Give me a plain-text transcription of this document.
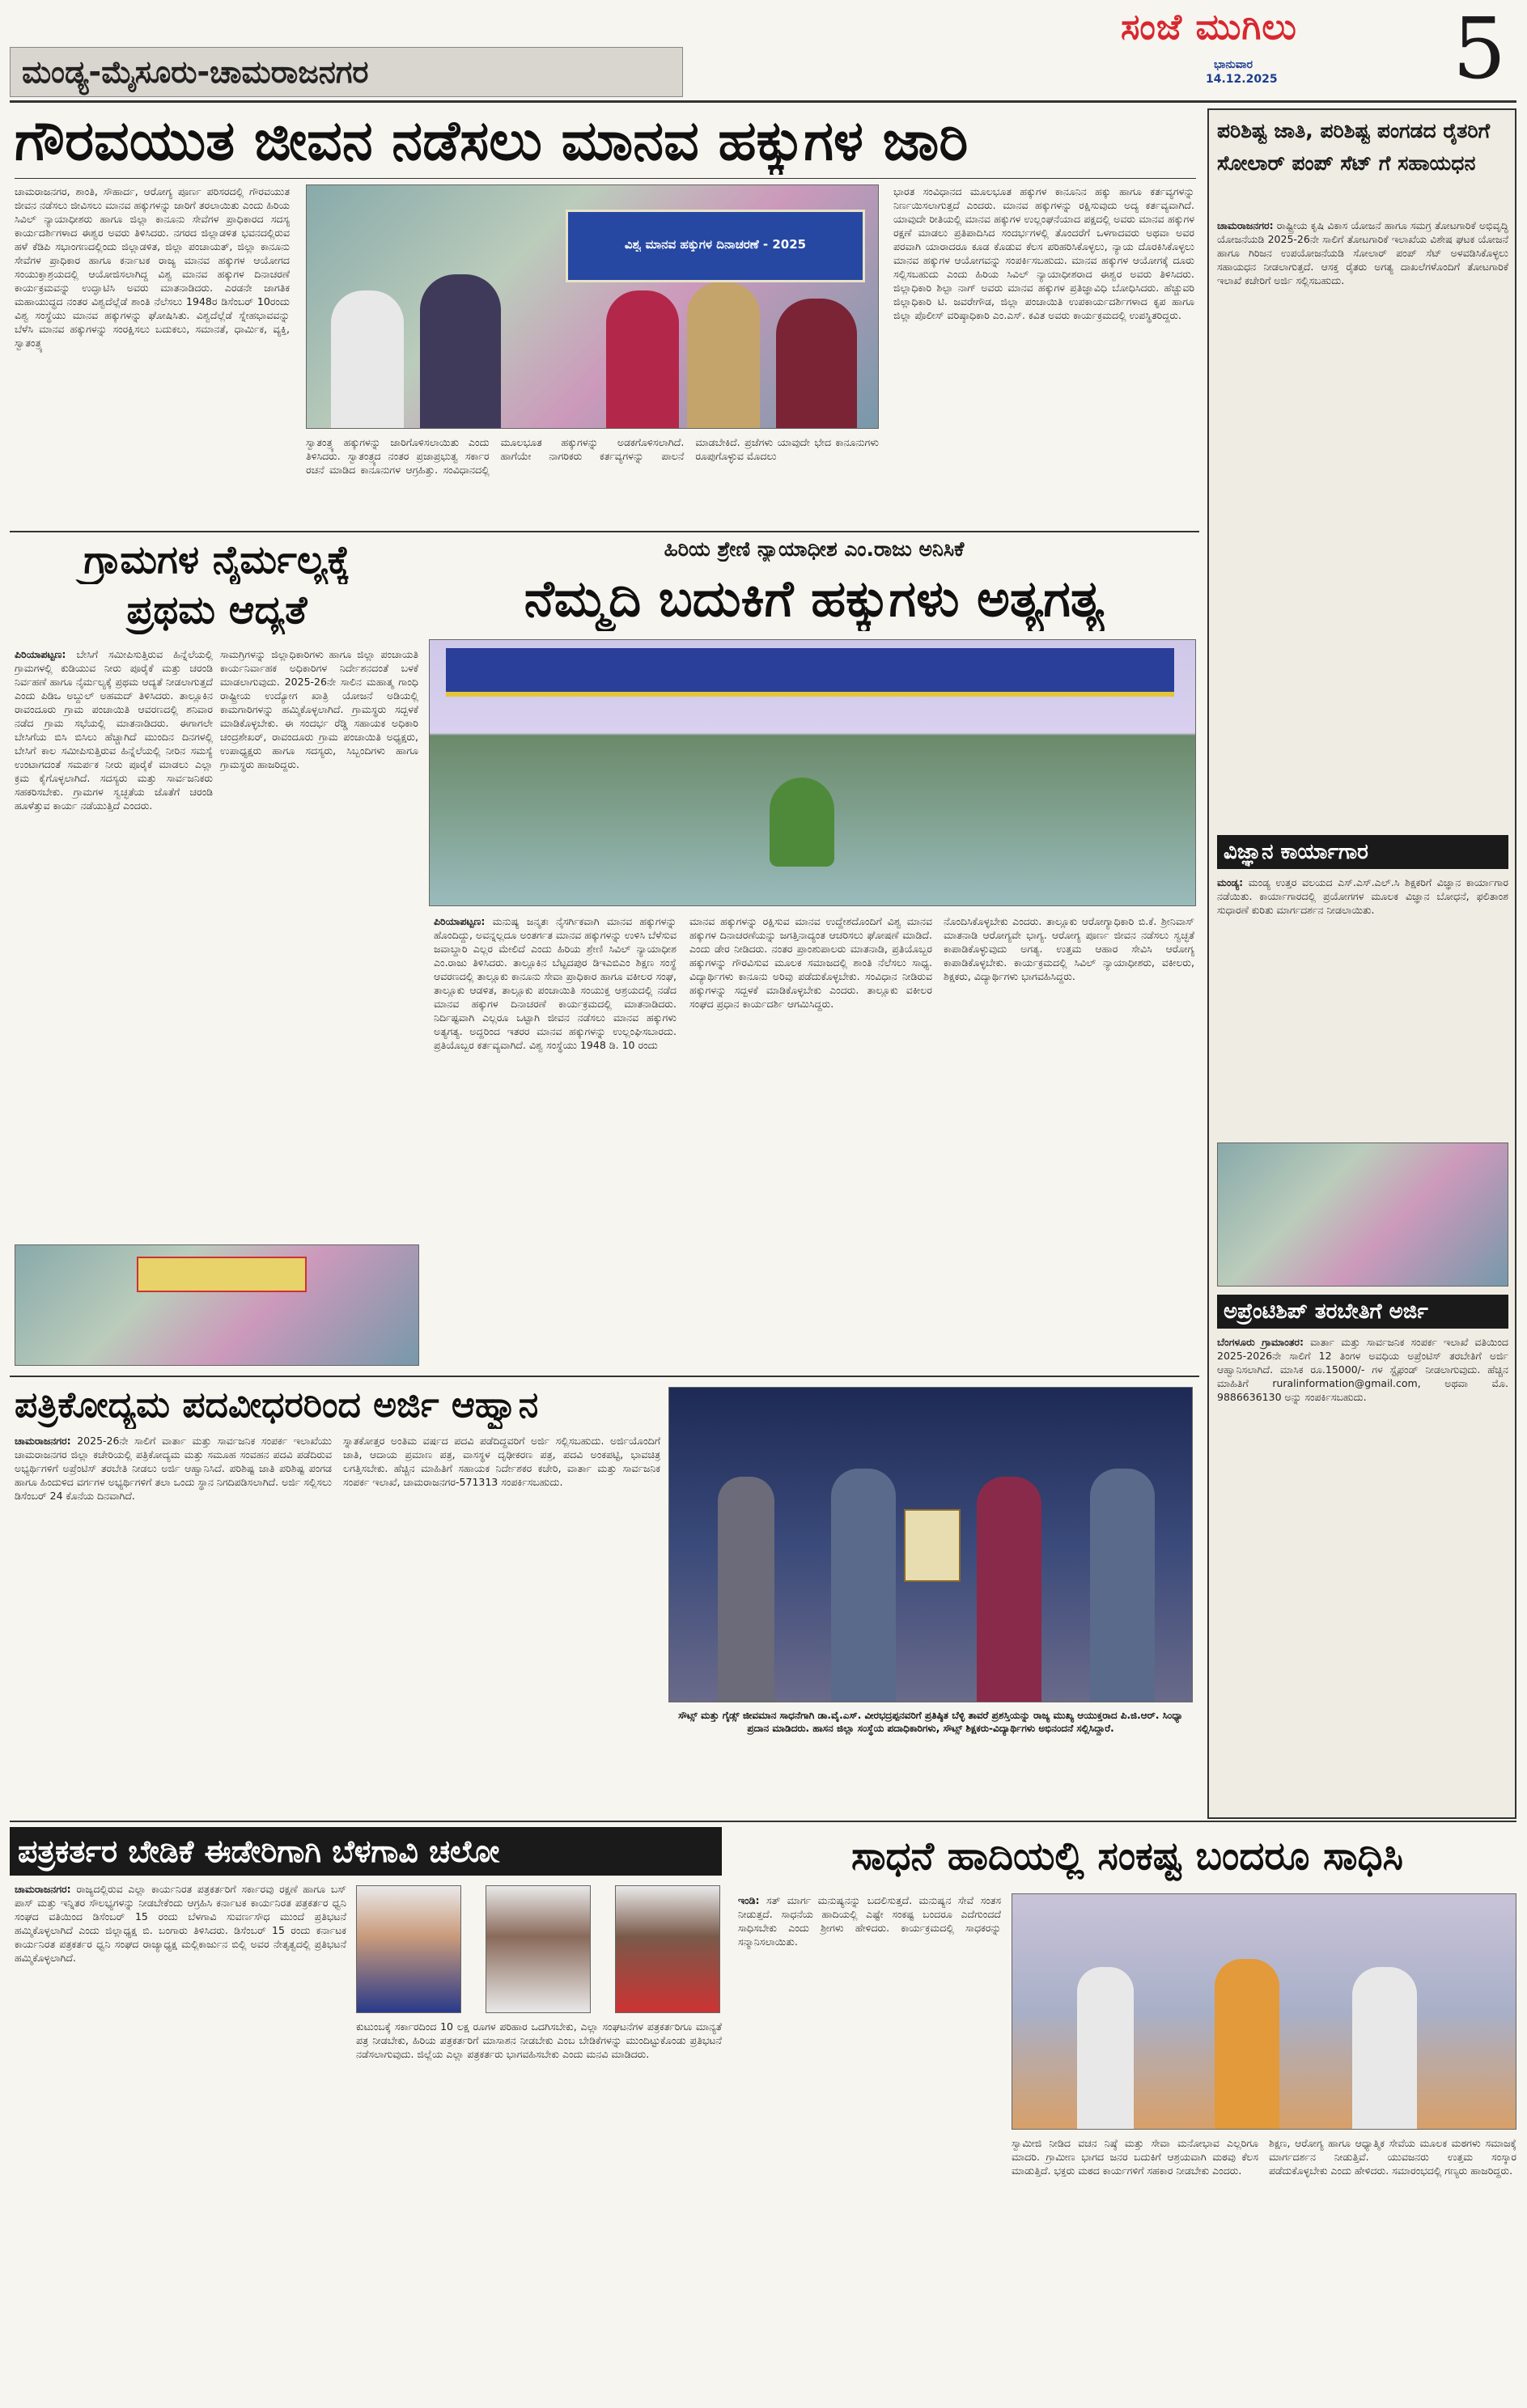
ಮಂಡ್ಯ-ಮೈಸೂರು-ಚಾಮರಾಜನಗರ
ಸಂಜೆ ಮುಗಿಲು
ಭಾನುವಾರ
14.12.2025 5
ಗೌರವಯುತ ಜೀವನ ನಡೆಸಲು ಮಾನವ ಹಕ್ಕುಗಳ ಜಾರಿ
ಚಾಮರಾಜನಗರ, ಶಾಂತಿ, ಸೌಹಾರ್ದ, ಆರೋಗ್ಯ ಪೂರ್ಣ ಪರಿಸರದಲ್ಲಿ ಗೌರವಯುತ ಜೀವನ ನಡೆಸಲು ಜೀವಿಸಲು ಮಾನವ ಹಕ್ಕುಗಳನ್ನು ಜಾರಿಗೆ ತರಲಾಯಿತು ಎಂದು ಹಿರಿಯ ಸಿವಿಲ್ ನ್ಯಾಯಾಧೀಶರು ಹಾಗೂ ಜಿಲ್ಲಾ ಕಾನೂನು ಸೇವೆಗಳ ಪ್ರಾಧಿಕಾರದ ಸದಸ್ಯ ಕಾರ್ಯದರ್ಶಿಗಳಾದ ಈಶ್ವರ ಅವರು ತಿಳಿಸಿದರು. ನಗರದ ಜಿಲ್ಲಾಡಳಿತ ಭವನದಲ್ಲಿರುವ ಹಳೆ ಕೆಡಿಪಿ ಸಭಾಂಗಣದಲ್ಲಿಂದು ಜಿಲ್ಲಾಡಳಿತ, ಜಿಲ್ಲಾ ಪಂಚಾಯತ್, ಜಿಲ್ಲಾ ಕಾನೂನು ಸೇವೆಗಳ ಪ್ರಾಧಿಕಾರ ಹಾಗೂ ಕರ್ನಾಟಕ ರಾಜ್ಯ ಮಾನವ ಹಕ್ಕುಗಳ ಆಯೋಗದ ಸಂಯುಕ್ತಾಶ್ರಯದಲ್ಲಿ ಆಯೋಜಿಸಲಾಗಿದ್ದ ವಿಶ್ವ ಮಾನವ ಹಕ್ಕುಗಳ ದಿನಾಚರಣೆ ಕಾರ್ಯಕ್ರಮವನ್ನು ಉದ್ಘಾಟಿಸಿ ಅವರು ಮಾತನಾಡಿದರು. ಎರಡನೇ ಜಾಗತಿಕ ಮಹಾಯುದ್ಧದ ನಂತರ ವಿಶ್ವದೆಲ್ಲೆಡೆ ಶಾಂತಿ ನೆಲೆಸಲು 1948ರ ಡಿಸೆಂಬರ್ 10ರಂದು ವಿಶ್ವ ಸಂಸ್ಥೆಯು ಮಾನವ ಹಕ್ಕುಗಳನ್ನು ಘೋಷಿಸಿತು. ವಿಶ್ವದೆಲ್ಲೆಡೆ ಸ್ನೇಹಭಾವವನ್ನು ಬೆಳೆಸಿ ಮಾನವ ಹಕ್ಕುಗಳನ್ನು ಸಂರಕ್ಷಿಸಲು ಬದುಕಲು, ಸಮಾನತೆ, ಧಾರ್ಮಿಕ, ವ್ಯಕ್ತಿ, ಸ್ವಾತಂತ್ರ್ಯ
ವಿಶ್ವ ಮಾನವ ಹಕ್ಕುಗಳ ದಿನಾಚರಣೆ - 2025
ಸ್ವಾತಂತ್ರ್ಯ ಹಕ್ಕುಗಳನ್ನು ಜಾರಿಗೊಳಿಸಲಾಯಿತು ಎಂದು ತಿಳಿಸಿದರು. ಸ್ವಾತಂತ್ರ್ಯದ ನಂತರ ಪ್ರಜಾಪ್ರಭುತ್ವ ಸರ್ಕಾರ ರಚನೆ ಮಾಡಿದ ಕಾನೂನುಗಳ ಆಗ್ರಹಿತ್ತು. ಸಂವಿಧಾನದಲ್ಲಿ ಮೂಲಭೂತ ಹಕ್ಕುಗಳನ್ನು ಅಡಕಗೊಳಿಸಲಾಗಿದೆ. ಹಾಗೆಯೇ ನಾಗರಿಕರು ಕರ್ತವ್ಯಗಳನ್ನು ಪಾಲನೆ ಮಾಡಬೇಕಿದೆ. ಪ್ರಜೆಗಳು ಯಾವುದೇ ಭೇದ ಕಾನೂನುಗಳು ರೂಪುಗೊಳ್ಳುವ ಮೊದಲು
ಭಾರತ ಸಂವಿಧಾನದ ಮೂಲಭೂತ ಹಕ್ಕುಗಳ ಕಾನೂನಿನ ಹಕ್ಕು ಹಾಗೂ ಕರ್ತವ್ಯಗಳನ್ನು ನಿರ್ಣಯಿಸಲಾಗುತ್ತದೆ ಎಂದರು. ಮಾನವ ಹಕ್ಕುಗಳನ್ನು ರಕ್ಷಿಸುವುದು ಅದ್ಯ ಕರ್ತವ್ಯವಾಗಿದೆ. ಯಾವುದೇ ರೀತಿಯಲ್ಲಿ ಮಾನವ ಹಕ್ಕುಗಳ ಉಲ್ಲಂಘನೆಯಾದ ಪಕ್ಷದಲ್ಲಿ ಅವರು ಮಾನವ ಹಕ್ಕುಗಳ ರಕ್ಷಣೆ ಮಾಡಲು ಪ್ರತಿಪಾದಿಸಿದ ಸಂದರ್ಭಗಳಲ್ಲಿ ತೊಂದರೆಗೆ ಒಳಗಾದವರು ಅಥವಾ ಅವರ ಪರವಾಗಿ ಯಾರಾದರೂ ಕೂಡ ಕೊಡುವ ಕೆಲಸ ಪರಿಹರಿಸಿಕೊಳ್ಳಲು, ನ್ಯಾಯ ದೊರಕಿಸಿಕೊಳ್ಳಲು ಮಾನವ ಹಕ್ಕುಗಳ ಆಯೋಗವನ್ನು ಸಂಪರ್ಕಿಸಬಹುದು. ಮಾನವ ಹಕ್ಕುಗಳ ಆಯೋಗಕ್ಕೆ ದೂರು ಸಲ್ಲಿಸಬಹುದು ಎಂದು ಹಿರಿಯ ಸಿವಿಲ್ ನ್ಯಾಯಾಧೀಶರಾದ ಈಶ್ವರ ಅವರು ತಿಳಿಸಿದರು. ಜಿಲ್ಲಾಧಿಕಾರಿ ಶಿಲ್ಪಾ ನಾಗ್ ಅವರು ಮಾನವ ಹಕ್ಕುಗಳ ಪ್ರತಿಜ್ಞಾವಿಧಿ ಬೋಧಿಸಿದರು. ಹೆಚ್ಚುವರಿ ಜಿಲ್ಲಾಧಿಕಾರಿ ಟಿ. ಜವರೇಗೌಡ, ಜಿಲ್ಲಾ ಪಂಚಾಯಿತಿ ಉಪಕಾರ್ಯದರ್ಶಿಗಳಾದ ಕೃಪ ಹಾಗೂ ಜಿಲ್ಲಾ ಪೊಲೀಸ್ ವರಿಷ್ಠಾಧಿಕಾರಿ ಎಂ.ಎಸ್. ಕವಿತ ಅವರು ಕಾರ್ಯಕ್ರಮದಲ್ಲಿ ಉಪಸ್ಥಿತರಿದ್ದರು.
ಪರಿಶಿಷ್ಟ ಜಾತಿ, ಪರಿಶಿಷ್ಟ ಪಂಗಡದ ರೈತರಿಗೆ ಸೋಲಾರ್ ಪಂಪ್ ಸೆಟ್ ಗೆ ಸಹಾಯಧನ
ಚಾಮರಾಜನಗರ: ರಾಷ್ಟ್ರೀಯ ಕೃಷಿ ವಿಕಾಸ ಯೋಜನೆ ಹಾಗೂ ಸಮಗ್ರ ತೋಟಗಾರಿಕೆ ಅಭಿವೃದ್ಧಿ ಯೋಜನೆಯಡಿ 2025-26ನೇ ಸಾಲಿಗೆ ತೋಟಗಾರಿಕೆ ಇಲಾಖೆಯ ವಿಶೇಷ ಘಟಕ ಯೋಜನೆ ಹಾಗೂ ಗಿರಿಜನ ಉಪಯೋಜನೆಯಡಿ ಸೋಲಾರ್ ಪಂಪ್ ಸೆಟ್ ಅಳವಡಿಸಿಕೊಳ್ಳಲು ಸಹಾಯಧನ ನೀಡಲಾಗುತ್ತದೆ. ಆಸಕ್ತ ರೈತರು ಅಗತ್ಯ ದಾಖಲೆಗಳೊಂದಿಗೆ ತೋಟಗಾರಿಕೆ ಇಲಾಖೆ ಕಚೇರಿಗೆ ಅರ್ಜಿ ಸಲ್ಲಿಸಬಹುದು.
ವಿಜ್ಞಾನ ಕಾರ್ಯಾಗಾರ
ಮಂಡ್ಯ: ಮಂಡ್ಯ ಉತ್ತರ ವಲಯದ ಎಸ್.ಎಸ್.ಎಲ್.ಸಿ ಶಿಕ್ಷಕರಿಗೆ ವಿಜ್ಞಾನ ಕಾರ್ಯಾಗಾರ ನಡೆಯಿತು. ಕಾರ್ಯಾಗಾರದಲ್ಲಿ ಪ್ರಯೋಗಗಳ ಮೂಲಕ ವಿಜ್ಞಾನ ಬೋಧನೆ, ಫಲಿತಾಂಶ ಸುಧಾರಣೆ ಕುರಿತು ಮಾರ್ಗದರ್ಶನ ನೀಡಲಾಯಿತು.
ಅಪ್ರೆಂಟಿಶಿಪ್ ತರಬೇತಿಗೆ ಅರ್ಜಿ
ಬೆಂಗಳೂರು ಗ್ರಾಮಾಂತರ: ವಾರ್ತಾ ಮತ್ತು ಸಾರ್ವಜನಿಕ ಸಂಪರ್ಕ ಇಲಾಖೆ ವತಿಯಿಂದ 2025-2026ನೇ ಸಾಲಿಗೆ 12 ತಿಂಗಳ ಅವಧಿಯ ಅಪ್ರೆಂಟಿಸ್ ತರಬೇತಿಗೆ ಅರ್ಜಿ ಆಹ್ವಾನಿಸಲಾಗಿದೆ. ಮಾಸಿಕ ರೂ.15000/- ಗಳ ಸ್ಟೈಫಂಡ್ ನೀಡಲಾಗುವುದು. ಹೆಚ್ಚಿನ ಮಾಹಿತಿಗೆ ruralinformation@gmail.com, ಅಥವಾ ಮೊ. 9886636130 ಅನ್ನು ಸಂಪರ್ಕಿಸಬಹುದು.
ಗ್ರಾಮಗಳ ನೈರ್ಮಲ್ಯಕ್ಕೆ
ಪ್ರಥಮ ಆದ್ಯತೆ
ಪಿರಿಯಾಪಟ್ಟಣ: ಬೇಸಿಗೆ ಸಮೀಪಿಸುತ್ತಿರುವ ಹಿನ್ನೆಲೆಯಲ್ಲಿ ಗ್ರಾಮಗಳಲ್ಲಿ ಕುಡಿಯುವ ನೀರು ಪೂರೈಕೆ ಮತ್ತು ಚರಂಡಿ ನಿರ್ವಹಣೆ ಹಾಗೂ ನೈರ್ಮಲ್ಯಕ್ಕೆ ಪ್ರಥಮ ಆದ್ಯತೆ ನೀಡಲಾಗುತ್ತದೆ ಎಂದು ಪಿಡಿಒ ಅಬ್ದುಲ್ ಅಹಮದ್ ತಿಳಿಸಿದರು. ತಾಲ್ಲೂಕಿನ ರಾವಂದೂರು ಗ್ರಾಮ ಪಂಚಾಯಿತಿ ಆವರಣದಲ್ಲಿ ಶನಿವಾರ ನಡೆದ ಗ್ರಾಮ ಸಭೆಯಲ್ಲಿ ಮಾತನಾಡಿದರು. ಈಗಾಗಲೇ ಬೇಸಿಗೆಯ ಬಿಸಿ ಬಿಸಿಲು ಹೆಚ್ಚಾಗಿದೆ ಮುಂದಿನ ದಿನಗಳಲ್ಲಿ ಬೇಸಿಗೆ ಕಾಲ ಸಮೀಪಿಸುತ್ತಿರುವ ಹಿನ್ನೆಲೆಯಲ್ಲಿ ನೀರಿನ ಸಮಸ್ಯೆ ಉಂಟಾಗದಂತೆ ಸಮರ್ಪಕ ನೀರು ಪೂರೈಕೆ ಮಾಡಲು ಎಲ್ಲಾ ಕ್ರಮ ಕೈಗೊಳ್ಳಲಾಗಿದೆ. ಸದಸ್ಯರು ಮತ್ತು ಸಾರ್ವಜನಿಕರು ಸಹಕರಿಸಬೇಕು. ಗ್ರಾಮಗಳ ಸ್ವಚ್ಛತೆಯ ಜೊತೆಗೆ ಚರಂಡಿ ಹೂಳೆತ್ತುವ ಕಾರ್ಯ ನಡೆಯುತ್ತಿದೆ ಎಂದರು.
ಸಾಮಗ್ರಿಗಳನ್ನು ಜಿಲ್ಲಾಧಿಕಾರಿಗಳು ಹಾಗೂ ಜಿಲ್ಲಾ ಪಂಚಾಯತಿ ಕಾರ್ಯನಿರ್ವಾಹಕ ಅಧಿಕಾರಿಗಳ ನಿರ್ದೇಶನದಂತೆ ಬಳಕೆ ಮಾಡಲಾಗುವುದು. 2025-26ನೇ ಸಾಲಿನ ಮಹಾತ್ಮ ಗಾಂಧಿ ರಾಷ್ಟ್ರೀಯ ಉದ್ಯೋಗ ಖಾತ್ರಿ ಯೋಜನೆ ಅಡಿಯಲ್ಲಿ ಕಾಮಗಾರಿಗಳನ್ನು ಹಮ್ಮಿಕೊಳ್ಳಲಾಗಿದೆ. ಗ್ರಾಮಸ್ಥರು ಸದ್ಬಳಕೆ ಮಾಡಿಕೊಳ್ಳಬೇಕು. ಈ ಸಂದರ್ಭ ರೆಡ್ಡಿ ಸಹಾಯಕ ಅಧಿಕಾರಿ ಚಂದ್ರಶೇಖರ್, ರಾವಂದೂರು ಗ್ರಾಮ ಪಂಚಾಯಿತಿ ಅಧ್ಯಕ್ಷರು, ಉಪಾಧ್ಯಕ್ಷರು ಹಾಗೂ ಸದಸ್ಯರು, ಸಿಬ್ಬಂದಿಗಳು ಹಾಗೂ ಗ್ರಾಮಸ್ಥರು ಹಾಜರಿದ್ದರು.
ಹಿರಿಯ ಶ್ರೇಣಿ ನ್ಯಾಯಾಧೀಶ ಎಂ.ರಾಜು ಅನಿಸಿಕೆ
ನೆಮ್ಮದಿ ಬದುಕಿಗೆ ಹಕ್ಕುಗಳು ಅತ್ಯಗತ್ಯ
ಪಿರಿಯಾಪಟ್ಟಣ: ಮನುಷ್ಯ ಜನ್ಮತಃ ನೈಸರ್ಗಿಕವಾಗಿ ಮಾನವ ಹಕ್ಕುಗಳನ್ನು ಹೊಂದಿದ್ದು, ಅವನ್ನಲ್ಲದೂ ಅಂತರ್ಗತ ಮಾನವ ಹಕ್ಕುಗಳನ್ನು ಉಳಿಸಿ ಬೆಳೆಸುವ ಜವಾಬ್ದಾರಿ ಎಲ್ಲರ ಮೇಲಿದೆ ಎಂದು ಹಿರಿಯ ಶ್ರೇಣಿ ಸಿವಿಲ್ ನ್ಯಾಯಾಧೀಶ ಎಂ.ರಾಜು ತಿಳಿಸಿದರು. ತಾಲ್ಲೂಕಿನ ಬೆಟ್ಟದಪುರ ಡಿಇಎಬಿಎಂ ಶಿಕ್ಷಣ ಸಂಸ್ಥೆ ಆವರಣದಲ್ಲಿ ತಾಲ್ಲೂಕು ಕಾನೂನು ಸೇವಾ ಪ್ರಾಧಿಕಾರ ಹಾಗೂ ವಕೀಲರ ಸಂಘ, ತಾಲ್ಲೂಕು ಆಡಳಿತ, ತಾಲ್ಲೂಕು ಪಂಚಾಯಿತಿ ಸಂಯುಕ್ತ ಆಶ್ರಯದಲ್ಲಿ ನಡೆದ ಮಾನವ ಹಕ್ಕುಗಳ ದಿನಾಚರಣೆ ಕಾರ್ಯಕ್ರಮದಲ್ಲಿ ಮಾತನಾಡಿದರು. ನಿರ್ದಿಷ್ಟವಾಗಿ ಎಲ್ಲರೂ ಒಟ್ಟಾಗಿ ಜೀವನ ನಡೆಸಲು ಮಾನವ ಹಕ್ಕುಗಳು ಅತ್ಯಗತ್ಯ. ಅದ್ದರಿಂದ ಇತರರ ಮಾನವ ಹಕ್ಕುಗಳನ್ನು ಉಲ್ಲಂಘಿಸಬಾರದು. ಪ್ರತಿಯೊಬ್ಬರ ಕರ್ತವ್ಯವಾಗಿದೆ. ವಿಶ್ವ ಸಂಸ್ಥೆಯು 1948 ಡಿ. 10 ರಂದು
ಮಾನವ ಹಕ್ಕುಗಳನ್ನು ರಕ್ಷಿಸುವ ಮಾನವ ಉದ್ದೇಶದೊಂದಿಗೆ ವಿಶ್ವ ಮಾನವ ಹಕ್ಕುಗಳ ದಿನಾಚರಣೆಯನ್ನು ಜಗತ್ತಿನಾದ್ಯಂತ ಆಚರಿಸಲು ಘೋಷಣೆ ಮಾಡಿದೆ. ಎಂದು ಡೇರ ನೀಡಿದರು. ನಂತರ ಪ್ರಾಂಶುಪಾಲರು ಮಾತನಾಡಿ, ಪ್ರತಿಯೊಬ್ಬರ ಹಕ್ಕುಗಳನ್ನು ಗೌರವಿಸುವ ಮೂಲಕ ಸಮಾಜದಲ್ಲಿ ಶಾಂತಿ ನೆಲೆಸಲು ಸಾಧ್ಯ. ವಿದ್ಯಾರ್ಥಿಗಳು ಕಾನೂನು ಅರಿವು ಪಡೆದುಕೊಳ್ಳಬೇಕು. ಸಂವಿಧಾನ ನೀಡಿರುವ ಹಕ್ಕುಗಳನ್ನು ಸದ್ಬಳಕೆ ಮಾಡಿಕೊಳ್ಳಬೇಕು ಎಂದರು. ತಾಲ್ಲೂಕು ವಕೀಲರ ಸಂಘದ ಪ್ರಧಾನ ಕಾರ್ಯದರ್ಶಿ ಆಗಮಿಸಿದ್ದರು.
ನೊಂದಿಸಿಕೊಳ್ಳಬೇಕು ಎಂದರು. ತಾಲ್ಲೂಕು ಆರೋಗ್ಯಾಧಿಕಾರಿ ಬಿ.ಕೆ. ಶ್ರೀನಿವಾಸ್ ಮಾತನಾಡಿ ಆರೋಗ್ಯವೇ ಭಾಗ್ಯ. ಆರೋಗ್ಯ ಪೂರ್ಣ ಜೀವನ ನಡೆಸಲು ಸ್ವಚ್ಛತೆ ಕಾಪಾಡಿಕೊಳ್ಳುವುದು ಅಗತ್ಯ. ಉತ್ತಮ ಆಹಾರ ಸೇವಿಸಿ ಆರೋಗ್ಯ ಕಾಪಾಡಿಕೊಳ್ಳಬೇಕು. ಕಾರ್ಯಕ್ರಮದಲ್ಲಿ ಸಿವಿಲ್ ನ್ಯಾಯಾಧೀಶರು, ವಕೀಲರು, ಶಿಕ್ಷಕರು, ವಿದ್ಯಾರ್ಥಿಗಳು ಭಾಗವಹಿಸಿದ್ದರು.
ಪತ್ರಿಕೋದ್ಯಮ ಪದವೀಧರರಿಂದ ಅರ್ಜಿ ಆಹ್ವಾನ
ಚಾಮರಾಜನಗರ: 2025-26ನೇ ಸಾಲಿಗೆ ವಾರ್ತಾ ಮತ್ತು ಸಾರ್ವಜನಿಕ ಸಂಪರ್ಕ ಇಲಾಖೆಯು ಚಾಮರಾಜನಗರ ಜಿಲ್ಲಾ ಕಚೇರಿಯಲ್ಲಿ ಪತ್ರಿಕೋದ್ಯಮ ಮತ್ತು ಸಮೂಹ ಸಂವಹನ ಪದವಿ ಪಡೆದಿರುವ ಅಭ್ಯರ್ಥಿಗಳಿಗೆ ಅಪ್ರೆಂಟಿಸ್ ತರಬೇತಿ ನೀಡಲು ಅರ್ಜಿ ಆಹ್ವಾನಿಸಿದೆ. ಪರಿಶಿಷ್ಟ ಜಾತಿ ಪರಿಶಿಷ್ಟ ಪಂಗಡ ಹಾಗೂ ಹಿಂದುಳಿದ ವರ್ಗಗಳ ಅಭ್ಯರ್ಥಿಗಳಿಗೆ ತಲಾ ಒಂದು ಸ್ಥಾನ ನಿಗದಿಪಡಿಸಲಾಗಿದೆ. ಅರ್ಜಿ ಸಲ್ಲಿಸಲು ಡಿಸೆಂಬರ್ 24 ಕೊನೆಯ ದಿನವಾಗಿದೆ.
ಸ್ನಾತಕೋತ್ತರ ಅಂತಿಮ ವರ್ಷದ ಪದವಿ ಪಡೆದಿದ್ದವರಿಗೆ ಅರ್ಜಿ ಸಲ್ಲಿಸಬಹುದು. ಅರ್ಜಿಯೊಂದಿಗೆ ಜಾತಿ, ಆದಾಯ ಪ್ರಮಾಣ ಪತ್ರ, ವಾಸಸ್ಥಳ ದೃಢೀಕರಣ ಪತ್ರ, ಪದವಿ ಅಂಕಪಟ್ಟಿ, ಭಾವಚಿತ್ರ ಲಗತ್ತಿಸಬೇಕು. ಹೆಚ್ಚಿನ ಮಾಹಿತಿಗೆ ಸಹಾಯಕ ನಿರ್ದೇಶಕರ ಕಚೇರಿ, ವಾರ್ತಾ ಮತ್ತು ಸಾರ್ವಜನಿಕ ಸಂಪರ್ಕ ಇಲಾಖೆ, ಚಾಮರಾಜನಗರ-571313 ಸಂಪರ್ಕಿಸಬಹುದು.
ಸೌಟ್ಸ್ ಮತ್ತು ಗೈಡ್ಸ್ ಜೀವಮಾನ ಸಾಧನೆಗಾಗಿ ಡಾ.ವೈ.ಎಸ್. ವೀರಭದ್ರಪ್ಪನವರಿಗೆ ಪ್ರತಿಷ್ಠಿತ ಬೆಳ್ಳಿ ತಾವರೆ ಪ್ರಶಸ್ತಿಯನ್ನು ರಾಜ್ಯ ಮುಖ್ಯ ಆಯುಕ್ತರಾದ ಪಿ.ಜಿ.ಆರ್. ಸಿಂಧ್ಯಾ ಪ್ರದಾನ ಮಾಡಿದರು. ಹಾಸನ ಜಿಲ್ಲಾ ಸಂಸ್ಥೆಯ ಪದಾಧಿಕಾರಿಗಳು, ಸೌಟ್ಸ್ ಶಿಕ್ಷಕರು-ವಿದ್ಯಾರ್ಥಿಗಳು ಅಭಿನಂದನೆ ಸಲ್ಲಿಸಿದ್ದಾರೆ.
ಪತ್ರಕರ್ತರ ಬೇಡಿಕೆ ಈಡೇರಿಗಾಗಿ ಬೆಳಗಾವಿ ಚಲೋ
ಚಾಮರಾಜನಗರ: ರಾಜ್ಯದಲ್ಲಿರುವ ಎಲ್ಲಾ ಕಾರ್ಯನಿರತ ಪತ್ರಕರ್ತರಿಗೆ ಸರ್ಕಾರವು ರಕ್ಷಣೆ ಹಾಗೂ ಬಸ್ ಪಾಸ್ ಮತ್ತು ಇನ್ನಿತರ ಸೌಲಭ್ಯಗಳನ್ನು ನೀಡಬೇಕೆಂದು ಆಗ್ರಹಿಸಿ ಕರ್ನಾಟಕ ಕಾರ್ಯನಿರತ ಪತ್ರಕರ್ತರ ಧ್ವನಿ ಸಂಘದ ವತಿಯಿಂದ ಡಿಸೆಂಬರ್ 15 ರಂದು ಬೆಳಗಾವಿ ಸುವರ್ಣಸೌಧ ಮುಂದೆ ಪ್ರತಿಭಟನೆ ಹಮ್ಮಿಕೊಳ್ಳಲಾಗಿದೆ ಎಂದು ಜಿಲ್ಲಾಧ್ಯಕ್ಷ ಬಿ. ಬಂಗಾರು ತಿಳಿಸಿದರು. ಡಿಸೆಂಬರ್ 15 ರಂದು ಕರ್ನಾಟಕ ಕಾರ್ಯನಿರತ ಪತ್ರಕರ್ತರ ಧ್ವನಿ ಸಂಘದ ರಾಜ್ಯಾಧ್ಯಕ್ಷ ಮಲ್ಲಿಕಾರ್ಜುನ ಬಿಲ್ಲಿ ಅವರ ನೇತೃತ್ವದಲ್ಲಿ ಪ್ರತಿಭಟನೆ ಹಮ್ಮಿಕೊಳ್ಳಲಾಗಿದೆ.
ಕುಟುಂಬಕ್ಕೆ ಸರ್ಕಾರದಿಂದ 10 ಲಕ್ಷ ರೂಗಳ ಪರಿಹಾರ ಒದಗಿಸಬೇಕು, ಎಲ್ಲಾ ಸಂಘಟನೆಗಳ ಪತ್ರಕರ್ತರಿಗೂ ಮಾನ್ಯತೆ ಪತ್ರ ನೀಡಬೇಕು, ಹಿರಿಯ ಪತ್ರಕರ್ತರಿಗೆ ಮಾಸಾಶನ ನೀಡಬೇಕು ಎಂಬ ಬೇಡಿಕೆಗಳನ್ನು ಮುಂದಿಟ್ಟುಕೊಂಡು ಪ್ರತಿಭಟನೆ ನಡೆಸಲಾಗುವುದು. ಜಿಲ್ಲೆಯ ಎಲ್ಲಾ ಪತ್ರಕರ್ತರು ಭಾಗವಹಿಸಬೇಕು ಎಂದು ಮನವಿ ಮಾಡಿದರು.
ಸಾಧನೆ ಹಾದಿಯಲ್ಲಿ ಸಂಕಷ್ಟ ಬಂದರೂ ಸಾಧಿಸಿ
ಇಂಡಿ: ಸತ್ ಮಾರ್ಗ ಮನುಷ್ಯನನ್ನು ಬದಲಿಸುತ್ತದೆ. ಮನುಷ್ಯನ ಸೇವೆ ಸಂತಸ ನೀಡುತ್ತದೆ. ಸಾಧನೆಯ ಹಾದಿಯಲ್ಲಿ ಎಷ್ಟೇ ಸಂಕಷ್ಟ ಬಂದರೂ ಎದೆಗುಂದದೆ ಸಾಧಿಸಬೇಕು ಎಂದು ಶ್ರೀಗಳು ಹೇಳಿದರು. ಕಾರ್ಯಕ್ರಮದಲ್ಲಿ ಸಾಧಕರನ್ನು ಸನ್ಮಾನಿಸಲಾಯಿತು.
ಸ್ವಾಮೀಜಿ ನೀಡಿದ ವಚನ ನಿಷ್ಠೆ ಮತ್ತು ಸೇವಾ ಮನೋಭಾವ ಎಲ್ಲರಿಗೂ ಮಾದರಿ. ಗ್ರಾಮೀಣ ಭಾಗದ ಜನರ ಬದುಕಿಗೆ ಆಶ್ರಯವಾಗಿ ಮಠವು ಕೆಲಸ ಮಾಡುತ್ತಿದೆ. ಭಕ್ತರು ಮಠದ ಕಾರ್ಯಗಳಿಗೆ ಸಹಕಾರ ನೀಡಬೇಕು ಎಂದರು.
ಶಿಕ್ಷಣ, ಆರೋಗ್ಯ ಹಾಗೂ ಆಧ್ಯಾತ್ಮಿಕ ಸೇವೆಯ ಮೂಲಕ ಮಠಗಳು ಸಮಾಜಕ್ಕೆ ಮಾರ್ಗದರ್ಶನ ನೀಡುತ್ತಿವೆ. ಯುವಜನರು ಉತ್ತಮ ಸಂಸ್ಕಾರ ಪಡೆದುಕೊಳ್ಳಬೇಕು ಎಂದು ಹೇಳಿದರು. ಸಮಾರಂಭದಲ್ಲಿ ಗಣ್ಯರು ಹಾಜರಿದ್ದರು.
